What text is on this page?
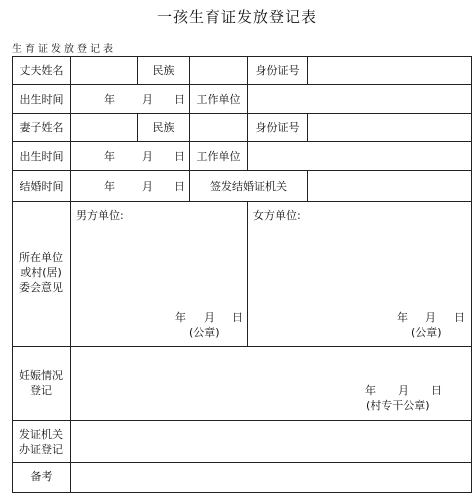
一孩生育证发放登记表
生育证发放登记表
丈夫姓名	民族	身份证号
出生时间	年 月 日	工作单位
妻子姓名	民族	身份证号
出生时间	年 月 日	工作单位
结婚时间	年 月 日	签发结婚证机关
所在单位或村(居)委会意见
男方单位:
年 月 日
(公章)
女方单位:
年 月 日
(公章)
妊娠情况登记	年 月 日
(村专干公章)
发证机关办证登记
备考
